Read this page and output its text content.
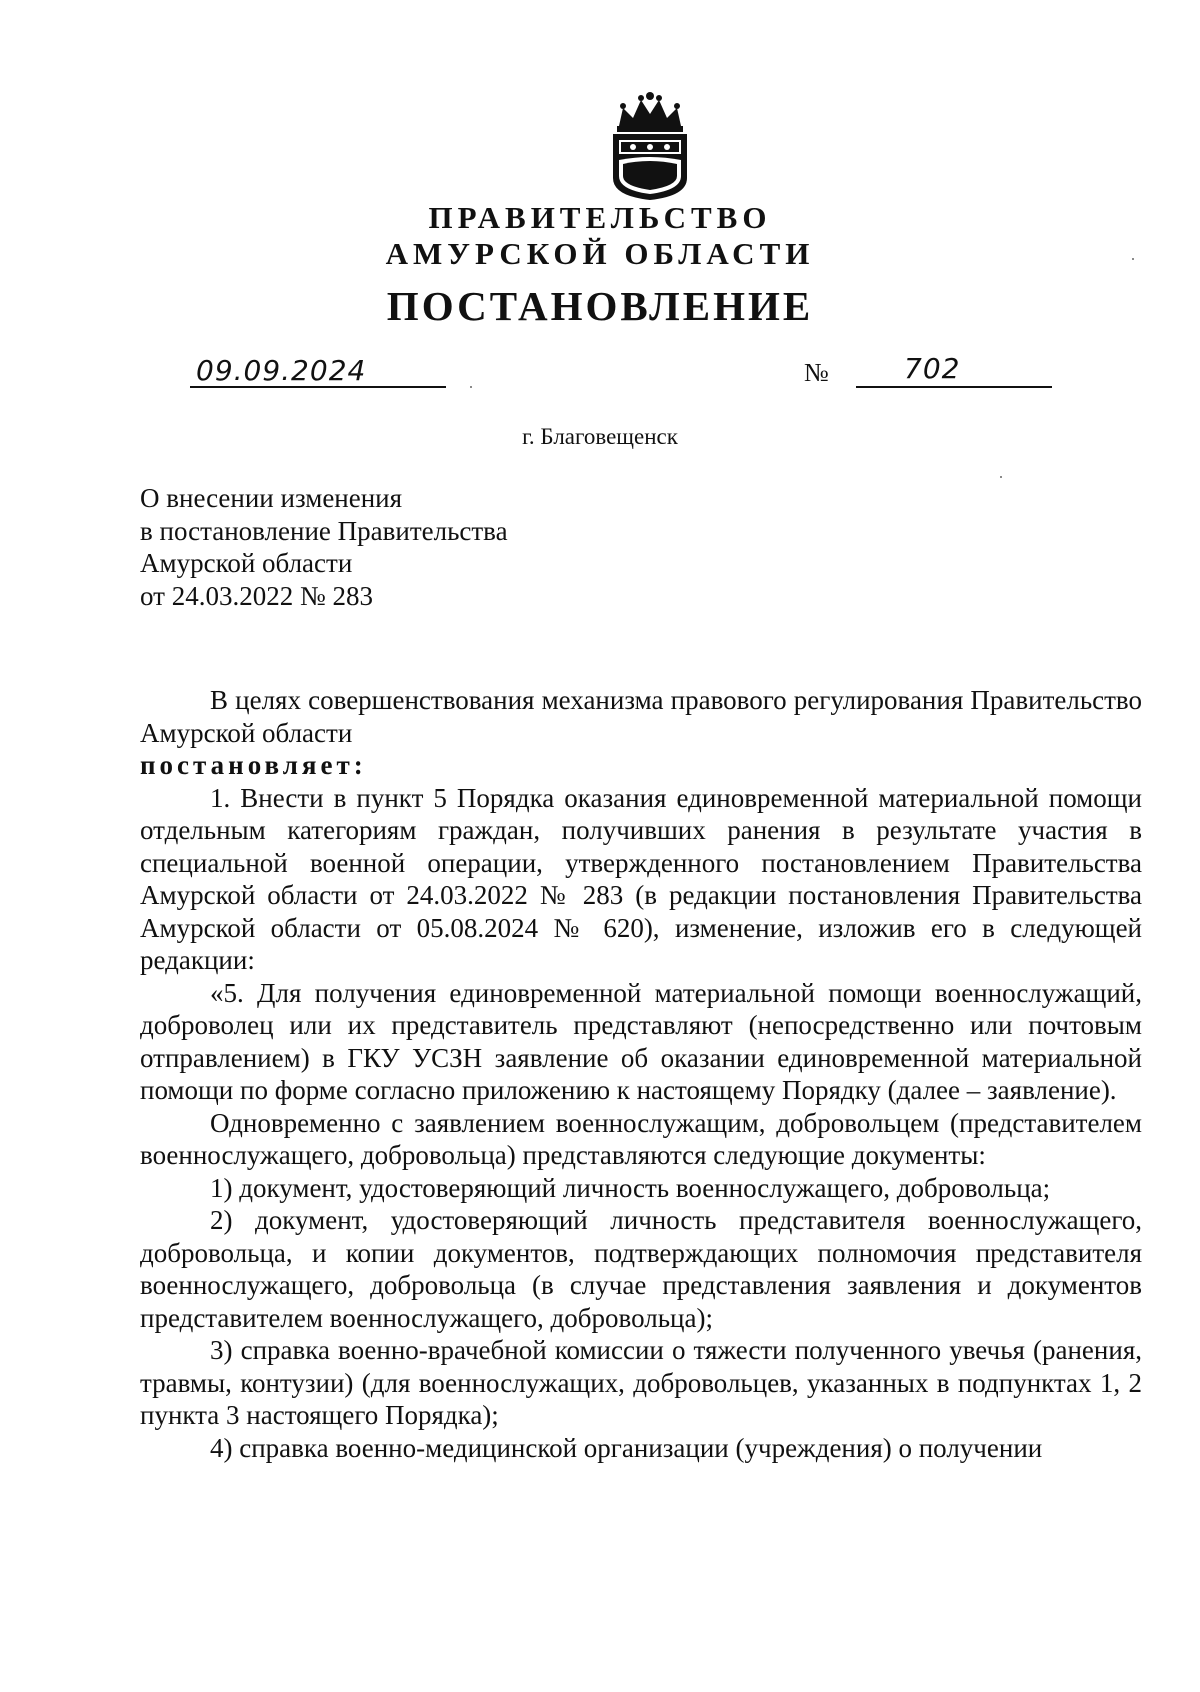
ПРАВИТЕЛЬСТВО
АМУРСКОЙ ОБЛАСТИ
ПОСТАНОВЛЕНИЕ
09.09.2024	№	702
г. Благовещенск
О внесении изменения
в постановление Правительства
Амурской области
от 24.03.2022 № 283

В целях совершенствования механизма правового регулирования Правительство Амурской области

постановляет:

1. Внести в пункт 5 Порядка оказания единовременной материальной помощи отдельным категориям граждан, получивших ранения в результате участия в специальной военной операции, утвержденного постановлением Правительства Амурской области от 24.03.2022 № 283 (в редакции постановления Правительства Амурской области от 05.08.2024 № 620), изменение, изложив его в следующей редакции:

«5. Для получения единовременной материальной помощи военнослужащий, доброволец или их представитель представляют (непосредственно или почтовым отправлением) в ГКУ УСЗН заявление об оказании единовременной материальной помощи по форме согласно приложению к настоящему Порядку (далее – заявление).

Одновременно с заявлением военнослужащим, добровольцем (представителем военнослужащего, добровольца) представляются следующие документы:

1) документ, удостоверяющий личность военнослужащего, добровольца;

2) документ, удостоверяющий личность представителя военнослужащего, добровольца, и копии документов, подтверждающих полномочия представителя военнослужащего, добровольца (в случае представления заявления и документов представителем военнослужащего, добровольца);

3) справка военно-врачебной комиссии о тяжести полученного увечья (ранения, травмы, контузии) (для военнослужащих, добровольцев, указанных в подпунктах 1, 2 пункта 3 настоящего Порядка);

4) справка военно-медицинской организации (учреждения) о получении
